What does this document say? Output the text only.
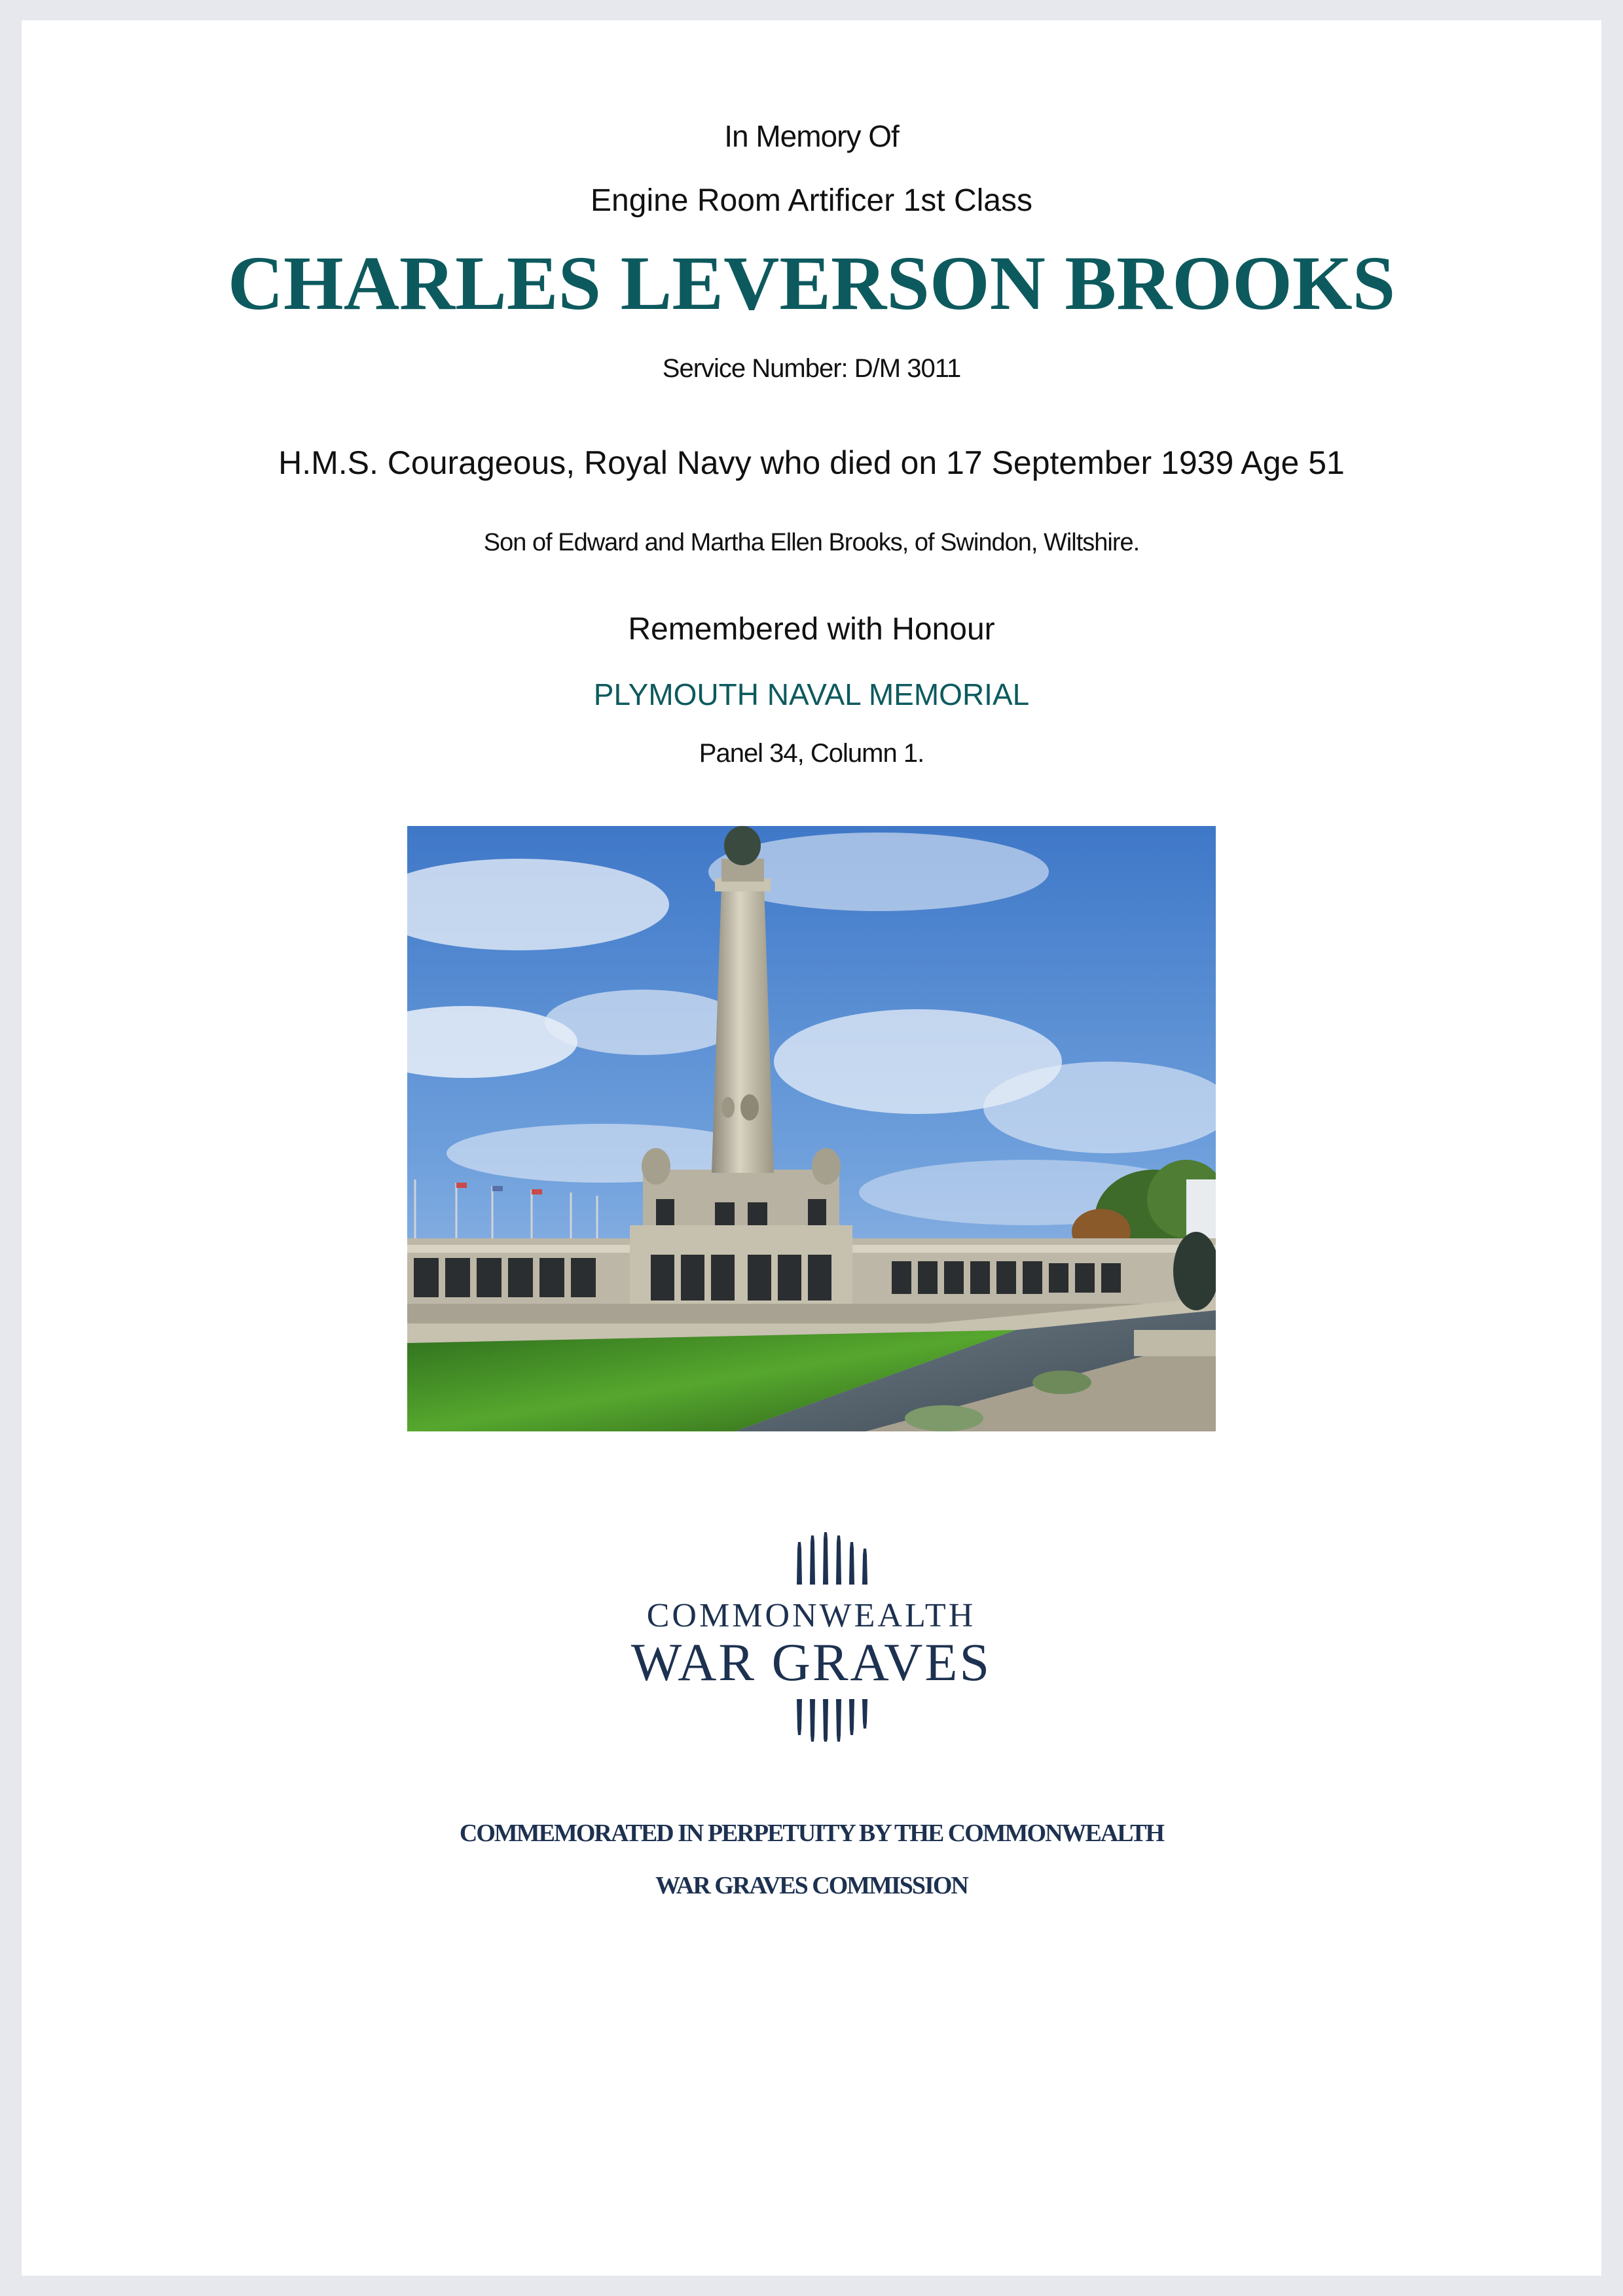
In Memory Of
Engine Room Artificer 1st Class
CHARLES LEVERSON BROOKS
Service Number: D/M 3011
H.M.S. Courageous, Royal Navy who died on 17 September 1939 Age 51
Son of Edward and Martha Ellen Brooks, of Swindon, Wiltshire.
Remembered with Honour
PLYMOUTH NAVAL MEMORIAL
Panel 34, Column 1.
COMMONWEALTH
WAR GRAVES
COMMEMORATED IN PERPETUITY BY THE COMMONWEALTH
WAR GRAVES COMMISSION
